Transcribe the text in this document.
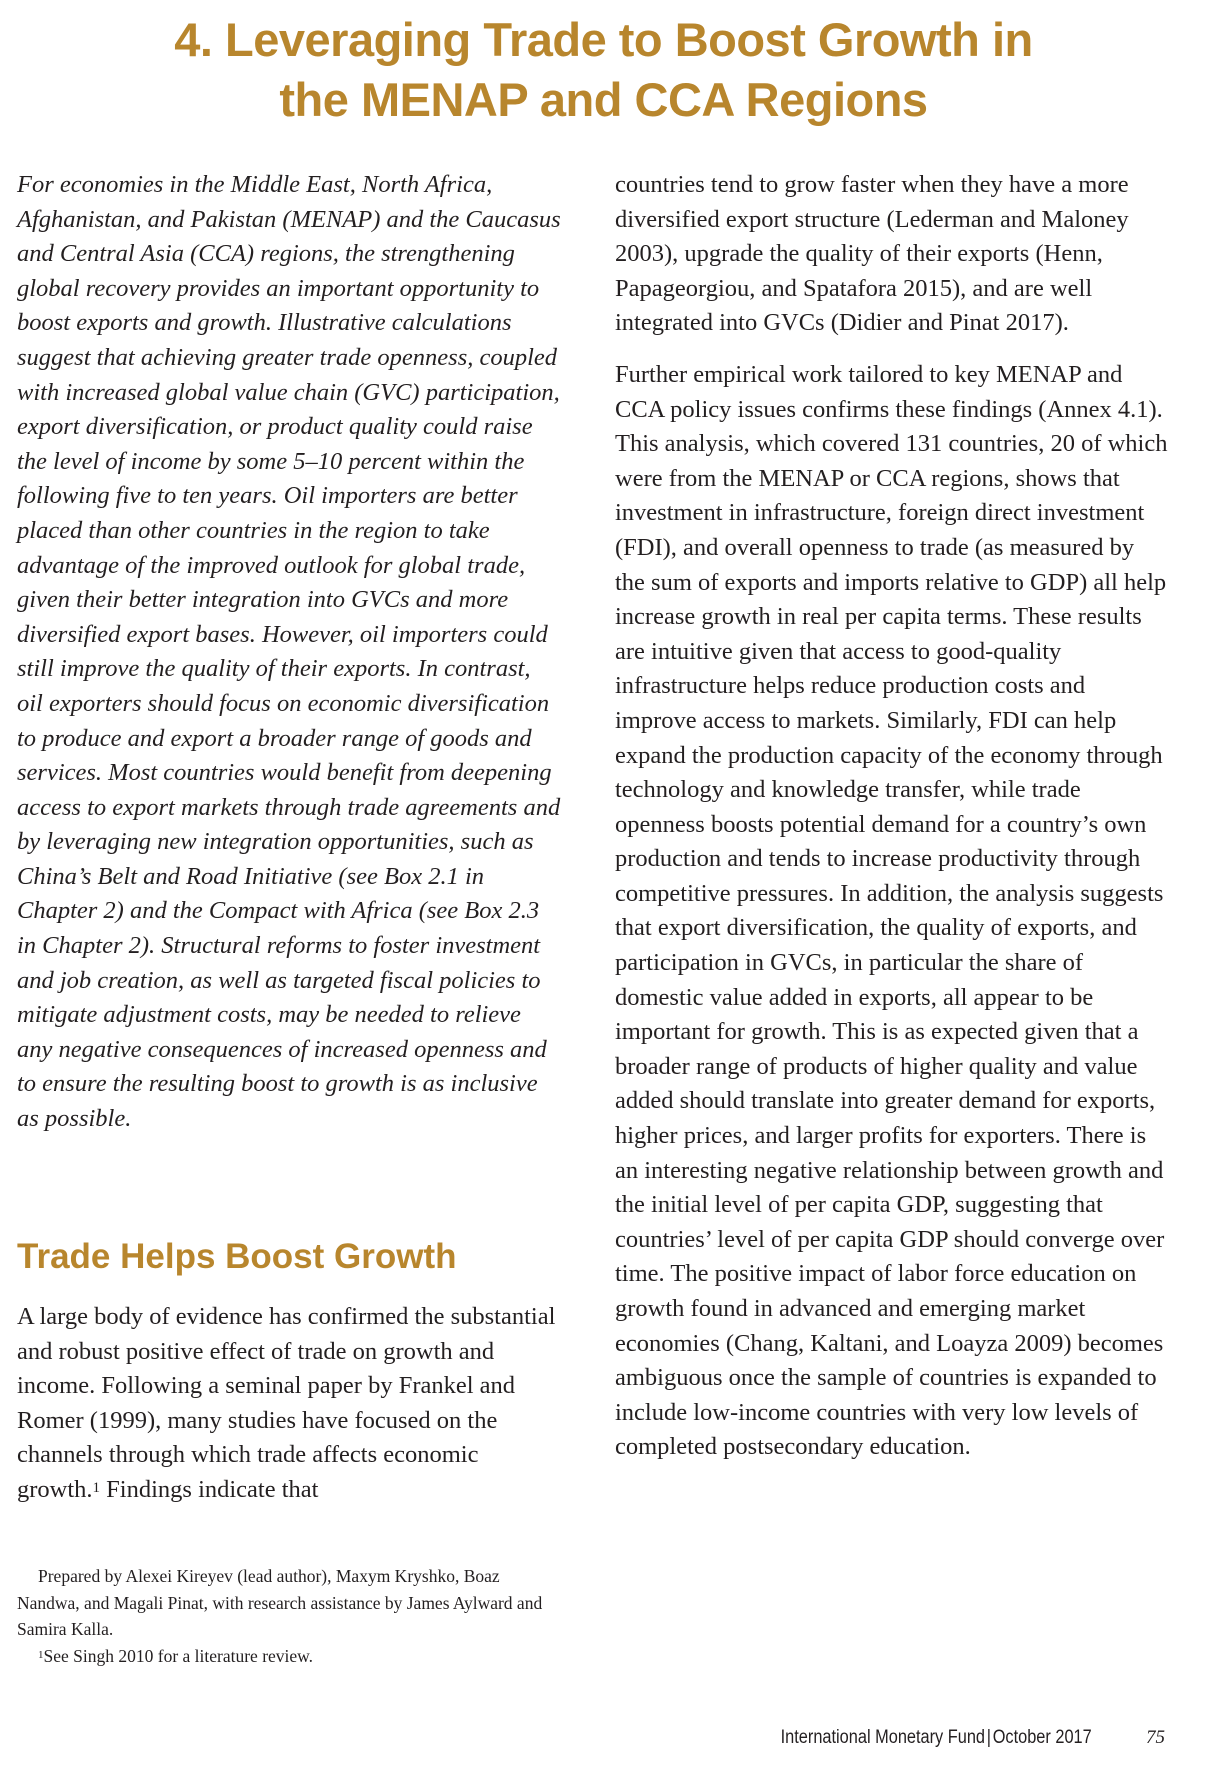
4. Leveraging Trade to Boost Growth in
the MENAP and CCA Regions

For economies in the Middle East, North Africa, Afghanistan, and Pakistan (MENAP) and the Caucasus and Central Asia (CCA) regions, the strengthening global recovery provides an important opportunity to boost exports and growth. Illustrative calculations suggest that achieving greater trade openness, coupled with increased global value chain (GVC) participation, export diversification, or product quality could raise the level of income by some 5–10 percent within the following five to ten years. Oil importers are better placed than other countries in the region to take advantage of the improved outlook for global trade, given their better integration into GVCs and more diversified export bases. However, oil importers could still improve the quality of their exports. In contrast, oil exporters should focus on economic diversification to produce and export a broader range of goods and services. Most countries would benefit from deepening access to export markets through trade agreements and by leveraging new integration opportunities, such as China’s Belt and Road Initiative (see Box 2.1 in Chapter 2) and the Compact with Africa (see Box 2.3 in Chapter 2). Structural reforms to foster investment and job creation, as well as targeted fiscal policies to mitigate adjustment costs, may be needed to relieve any negative consequences of increased openness and to ensure the resulting boost to growth is as inclusive as possible.

Trade Helps Boost Growth

A large body of evidence has confirmed the substantial and robust positive effect of trade on growth and income. Following a seminal paper by Frankel and Romer (1999), many studies have focused on the channels through which trade affects economic growth.$^1$ Findings indicate that

Prepared by Alexei Kireyev (lead author), Maxym Kryshko, Boaz Nandwa, and Magali Pinat, with research assistance by James Aylward and Samira Kalla.

$^1$See Singh 2010 for a literature review.

countries tend to grow faster when they have a more diversified export structure (Lederman and Maloney 2003), upgrade the quality of their exports (Henn, Papageorgiou, and Spatafora 2015), and are well integrated into GVCs (Didier and Pinat 2017).

Further empirical work tailored to key MENAP and CCA policy issues confirms these findings (Annex 4.1). This analysis, which covered 131 countries, 20 of which were from the MENAP or CCA regions, shows that investment in infrastructure, foreign direct investment (FDI), and overall openness to trade (as measured by the sum of exports and imports relative to GDP) all help increase growth in real per capita terms. These results are intuitive given that access to good-quality infrastructure helps reduce production costs and improve access to markets. Similarly, FDI can help expand the production capacity of the economy through technology and knowledge transfer, while trade openness boosts potential demand for a country’s own production and tends to increase productivity through competitive pressures. In addition, the analysis suggests that export diversification, the quality of exports, and participation in GVCs, in particular the share of domestic value added in exports, all appear to be important for growth. This is as expected given that a broader range of products of higher quality and value added should translate into greater demand for exports, higher prices, and larger profits for exporters. There is an interesting negative relationship between growth and the initial level of per capita GDP, suggesting that countries’ level of per capita GDP should converge over time. The positive impact of labor force education on growth found in advanced and emerging market economies (Chang, Kaltani, and Loayza 2009) becomes ambiguous once the sample of countries is expanded to include low-income countries with very low levels of completed postsecondary education.

International Monetary Fund|October 2017	75
